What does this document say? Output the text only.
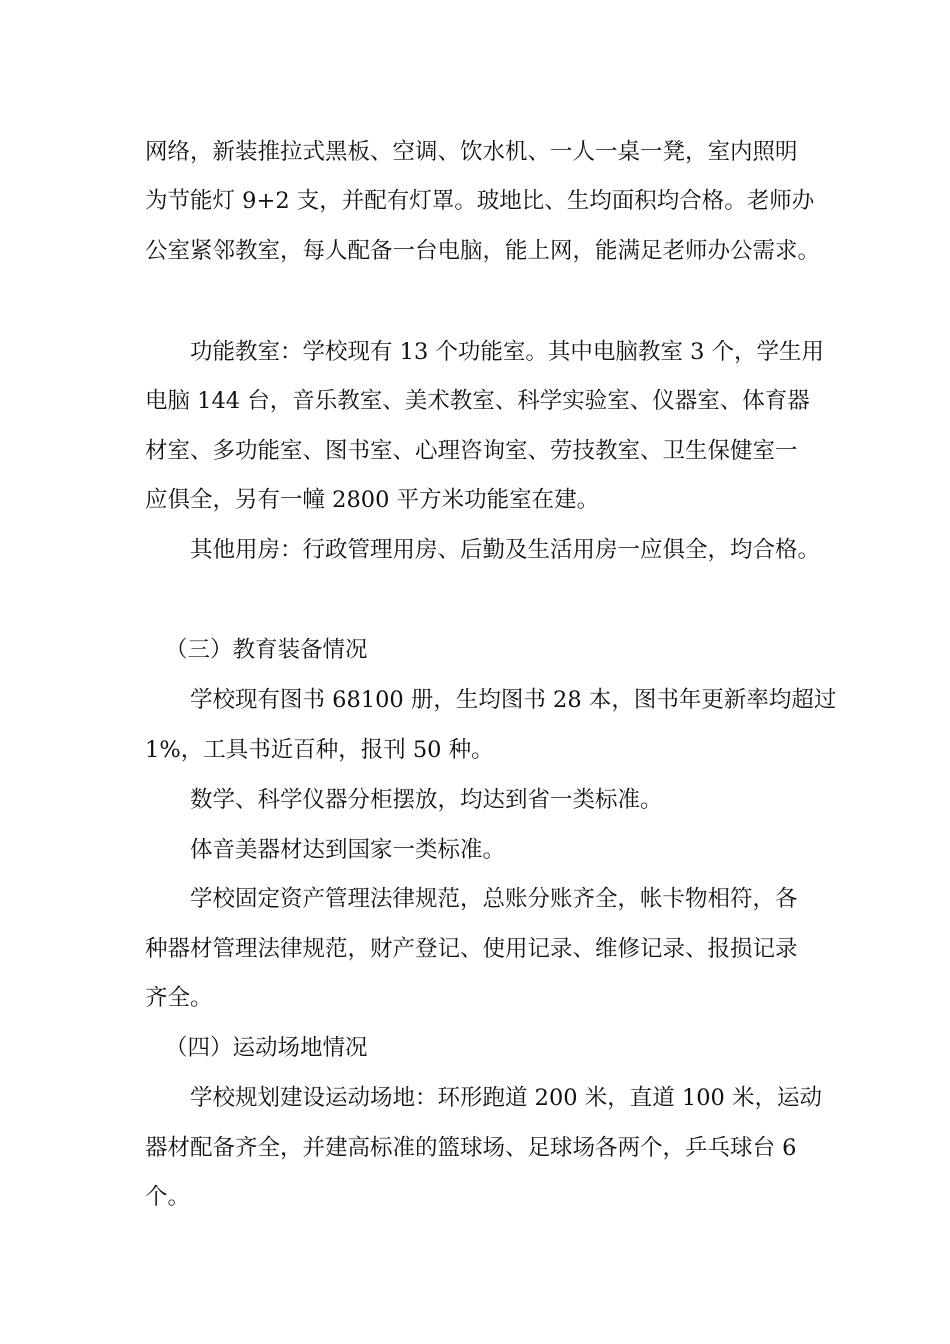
网络，新装推拉式黑板、空调、饮水机、一人一桌一凳，室内照明
为节能灯 9+2 支，并配有灯罩。玻地比、生均面积均合格。老师办
公室紧邻教室，每人配备一台电脑，能上网，能满足老师办公需求。
功能教室：学校现有 13 个功能室。其中电脑教室 3 个，学生用
电脑 144 台，音乐教室、美术教室、科学实验室、仪器室、体育器
材室、多功能室、图书室、心理咨询室、劳技教室、卫生保健室一
应俱全，另有一幢 2800 平方米功能室在建。
其他用房：行政管理用房、后勤及生活用房一应俱全，均合格。
（三）教育装备情况
学校现有图书 68100 册，生均图书 28 本，图书年更新率均超过
1%，工具书近百种，报刊 50 种。
数学、科学仪器分柜摆放，均达到省一类标准。
体音美器材达到国家一类标准。
学校固定资产管理法律规范，总账分账齐全，帐卡物相符，各
种器材管理法律规范，财产登记、使用记录、维修记录、报损记录
齐全。
（四）运动场地情况
学校规划建设运动场地：环形跑道 200 米，直道 100 米，运动
器材配备齐全，并建高标准的篮球场、足球场各两个，乒乓球台 6
个。
